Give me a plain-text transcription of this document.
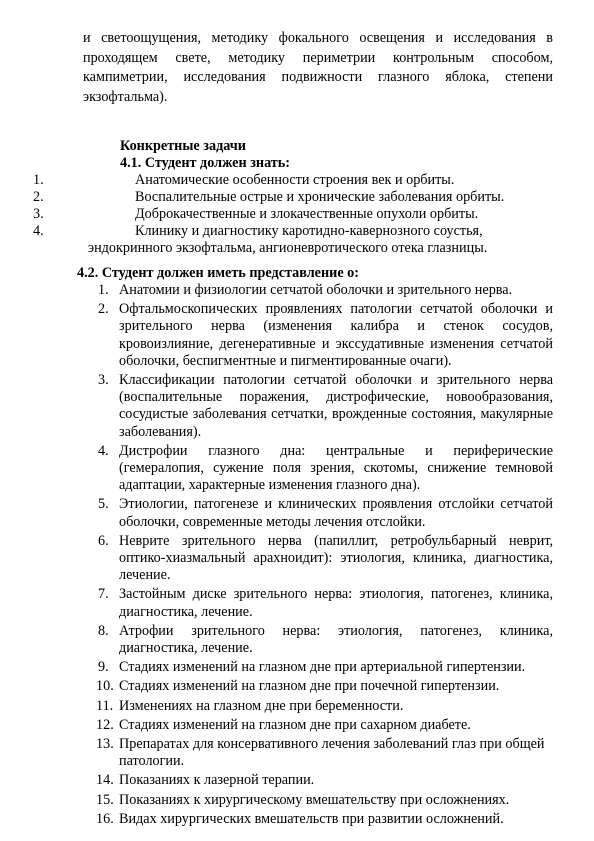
и светоощущения, методику фокального освещения и исследования в проходящем свете, методику периметрии контрольным способом, кампиметрии, исследования подвижности глазного яблока, степени экзофтальма).

Конкретные задачи
4.1. Студент должен знать:
1.	Анатомические особенности строения век и орбиты.
2.	Воспалительные острые и хронические заболевания орбиты.
3.	Доброкачественные и злокачественные опухоли орбиты.
4.	Клинику и диагностику каротидно-кавернозного соустья,
эндокринного экзофтальма, ангионевротического отека глазницы.
4.2. Студент должен иметь представление о:
1. Анатомии и физиологии сетчатой оболочки и зрительного нерва.
2. Офтальмоскопических проявлениях патологии сетчатой оболочки и зрительного нерва (изменения калибра и стенок сосудов, кровоизлияние, дегенеративные и экссудативные изменения сетчатой оболочки, беспигментные и пигментированные очаги).
3. Классификации патологии сетчатой оболочки и зрительного нерва (воспалительные поражения, дистрофические, новообразования, сосудистые заболевания сетчатки, врожденные состояния, макулярные заболевания).
4. Дистрофии глазного дна: центральные и периферические (гемералопия, сужение поля зрения, скотомы, снижение темновой адаптации, характерные изменения глазного дна).
5. Этиологии, патогенезе и клинических проявления отслойки сетчатой оболочки, современные методы лечения отслойки.
6. Неврите зрительного нерва (папиллит, ретробульбарный неврит, оптико-хиазмальный арахноидит): этиология, клиника, диагностика, лечение.
7. Застойным диске зрительного нерва: этиология, патогенез, клиника, диагностика, лечение.
8. Атрофии зрительного нерва: этиология, патогенез, клиника, диагностика, лечение.
9. Стадиях изменений на глазном дне при артериальной гипертензии.
10. Стадиях изменений на глазном дне при почечной гипертензии.
11. Изменениях на глазном дне при беременности.
12. Стадиях изменений на глазном дне при сахарном диабете.
13. Препаратах для консервативного лечения заболеваний глаз при общей патологии.
14. Показаниях к лазерной терапии.
15. Показаниях к хирургическому вмешательству при осложнениях.
16. Видах хирургических вмешательств при развитии осложнений.
